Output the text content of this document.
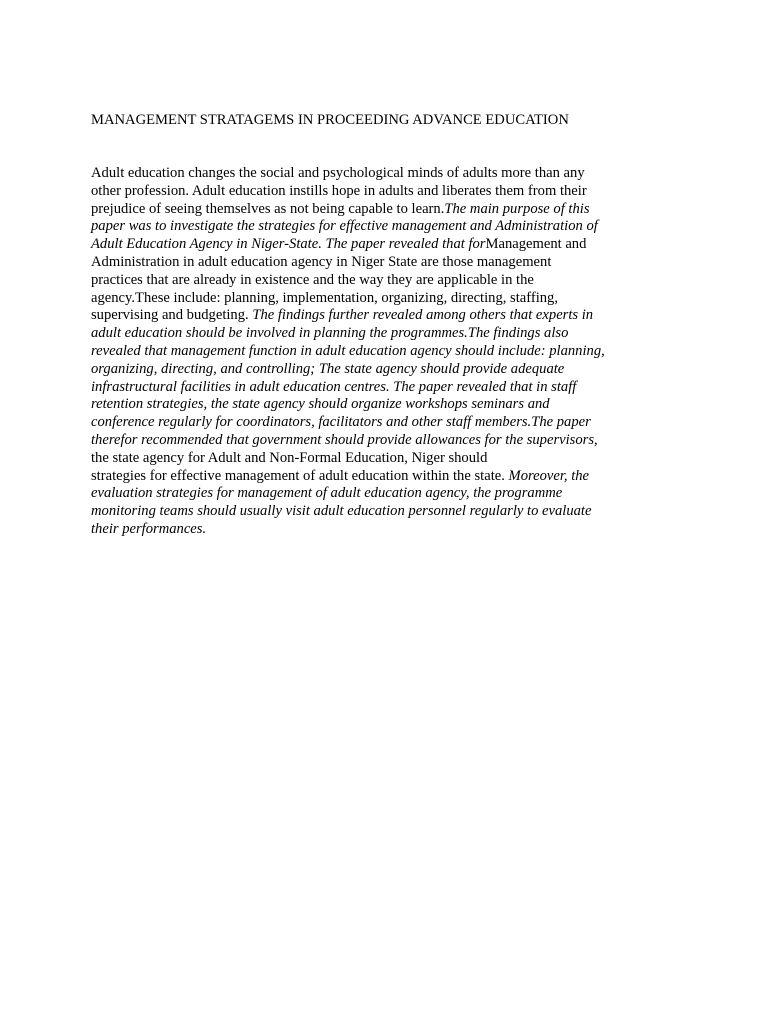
MANAGEMENT STRATAGEMS IN PROCEEDING ADVANCE EDUCATION
Adult education changes the social and psychological minds of adults more than any
other profession. Adult education instills hope in adults and liberates them from their
prejudice of seeing themselves as not being capable to learn.The main purpose of this
paper was to investigate the strategies for effective management and Administration of
Adult Education Agency in Niger-State. The paper revealed that forManagement and
Administration in adult education agency in Niger State are those management
practices that are already in existence and the way they are applicable in the
agency.These include: planning, implementation, organizing, directing, staffing,
supervising and budgeting. The findings further revealed among others that experts in
adult education should be involved in planning the programmes.The findings also
revealed that management function in adult education agency should include: planning,
organizing, directing, and controlling; The state agency should provide adequate
infrastructural facilities in adult education centres. The paper revealed that in staff
retention strategies, the state agency should organize workshops seminars and
conference regularly for coordinators, facilitators and other staff members.The paper
therefor recommended that government should provide allowances for the supervisors,
the state agency for Adult and Non-Formal Education, Niger should
strategies for effective management of adult education within the state. Moreover, the
evaluation strategies for management of adult education agency, the programme
monitoring teams should usually visit adult education personnel regularly to evaluate
their performances.
